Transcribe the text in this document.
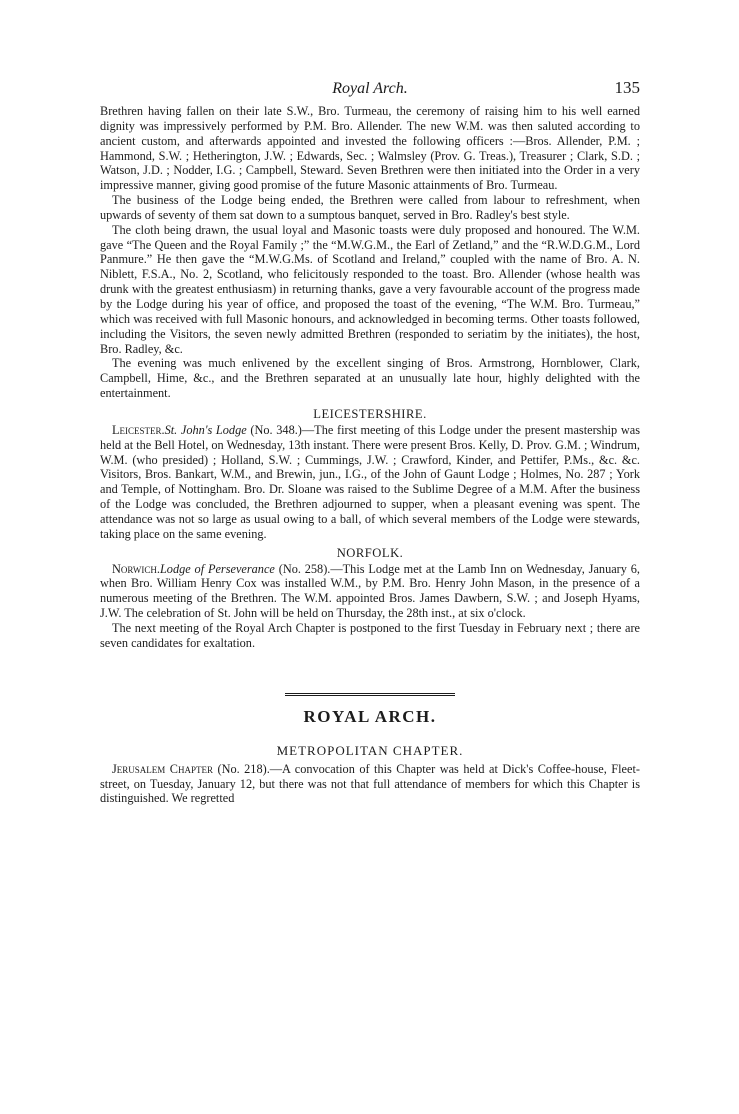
Royal Arch.	135

Brethren having fallen on their late S.W., Bro. Turmeau, the ceremony of raising him to his well earned dignity was impressively performed by P.M. Bro. Allender. The new W.M. was then saluted according to ancient custom, and afterwards appointed and invested the following officers :—Bros. Allender, P.M. ; Hammond, S.W. ; Hetherington, J.W. ; Edwards, Sec. ; Walmsley (Prov. G. Treas.), Treasurer ; Clark, S.D. ; Watson, J.D. ; Nodder, I.G. ; Campbell, Steward. Seven Brethren were then initiated into the Order in a very impressive manner, giving good promise of the future Masonic attainments of Bro. Turmeau.

The business of the Lodge being ended, the Brethren were called from labour to refreshment, when upwards of seventy of them sat down to a sumptous banquet, served in Bro. Radley's best style.

The cloth being drawn, the usual loyal and Masonic toasts were duly proposed and honoured. The W.M. gave “The Queen and the Royal Family ;” the “M.W.G.M., the Earl of Zetland,” and the “R.W.D.G.M., Lord Panmure.” He then gave the “M.W.G.Ms. of Scotland and Ireland,” coupled with the name of Bro. A. N. Niblett, F.S.A., No. 2, Scotland, who felicitously responded to the toast. Bro. Allender (whose health was drunk with the greatest enthusiasm) in returning thanks, gave a very favourable account of the progress made by the Lodge during his year of office, and proposed the toast of the evening, “The W.M. Bro. Turmeau,” which was received with full Masonic honours, and acknowledged in becoming terms. Other toasts followed, including the Visitors, the seven newly admitted Brethren (responded to seriatim by the initiates), the host, Bro. Radley, &c.

The evening was much enlivened by the excellent singing of Bros. Armstrong, Hornblower, Clark, Campbell, Hime, &c., and the Brethren separated at an unusually late hour, highly delighted with the entertainment.

LEICESTERSHIRE.

Leicester.St. John's Lodge (No. 348.)—The first meeting of this Lodge under the present mastership was held at the Bell Hotel, on Wednesday, 13th instant. There were present Bros. Kelly, D. Prov. G.M. ; Windrum, W.M. (who presided) ; Holland, S.W. ; Cummings, J.W. ; Crawford, Kinder, and Pettifer, P.Ms., &c. &c. Visitors, Bros. Bankart, W.M., and Brewin, jun., I.G., of the John of Gaunt Lodge ; Holmes, No. 287 ; York and Temple, of Nottingham. Bro. Dr. Sloane was raised to the Sublime Degree of a M.M. After the business of the Lodge was concluded, the Brethren adjourned to supper, when a pleasant evening was spent. The attendance was not so large as usual owing to a ball, of which several members of the Lodge were stewards, taking place on the same evening.

NORFOLK.

Norwich.Lodge of Perseverance (No. 258).—This Lodge met at the Lamb Inn on Wednesday, January 6, when Bro. William Henry Cox was installed W.M., by P.M. Bro. Henry John Mason, in the presence of a numerous meeting of the Brethren. The W.M. appointed Bros. James Dawbern, S.W. ; and Joseph Hyams, J.W. The celebration of St. John will be held on Thursday, the 28th inst., at six o'clock.

The next meeting of the Royal Arch Chapter is postponed to the first Tuesday in February next ; there are seven candidates for exaltation.

ROYAL ARCH.
METROPOLITAN CHAPTER.

Jerusalem Chapter (No. 218).—A convocation of this Chapter was held at Dick's Coffee-house, Fleet-street, on Tuesday, January 12, but there was not that full attendance of members for which this Chapter is distinguished. We regretted
